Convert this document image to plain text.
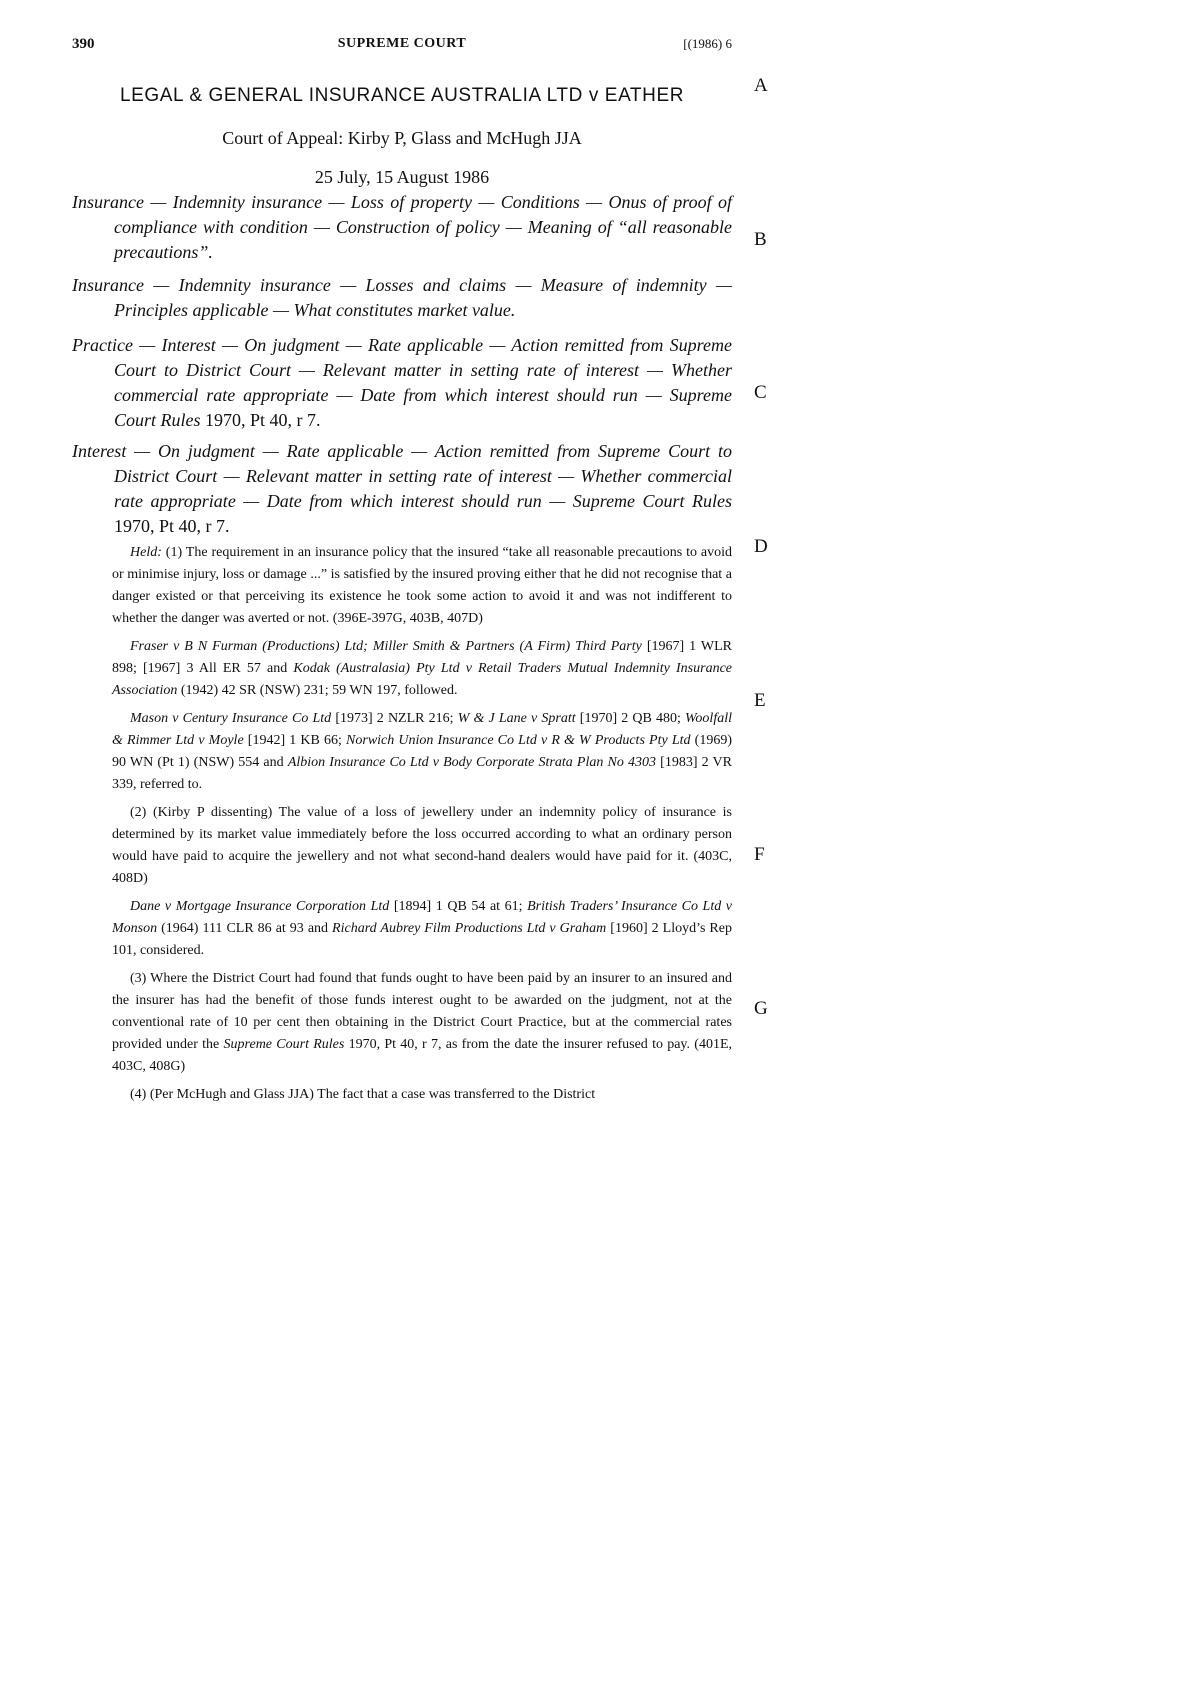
390	SUPREME COURT	[(1986) 6
A
B
C
D
E
F
G
LEGAL & GENERAL INSURANCE AUSTRALIA LTD v EATHER
Court of Appeal: Kirby P, Glass and McHugh JJA
25 July, 15 August 1986
Insurance — Indemnity insurance — Loss of property — Conditions — Onus of proof of compliance with condition — Construction of policy — Meaning of “all reasonable precautions”.
Insurance — Indemnity insurance — Losses and claims — Measure of indemnity — Principles applicable — What constitutes market value.
Practice — Interest — On judgment — Rate applicable — Action remitted from Supreme Court to District Court — Relevant matter in setting rate of interest — Whether commercial rate appropriate — Date from which interest should run — Supreme Court Rules 1970, Pt 40, r 7.
Interest — On judgment — Rate applicable — Action remitted from Supreme Court to District Court — Relevant matter in setting rate of interest — Whether commercial rate appropriate — Date from which interest should run — Supreme Court Rules 1970, Pt 40, r 7.

Held: (1) The requirement in an insurance policy that the insured “take all reasonable precautions to avoid or minimise injury, loss or damage ...” is satisfied by the insured proving either that he did not recognise that a danger existed or that perceiving its existence he took some action to avoid it and was not indifferent to whether the danger was averted or not. (396E-397G, 403B, 407D)

Fraser v B N Furman (Productions) Ltd; Miller Smith & Partners (A Firm) Third Party [1967] 1 WLR 898; [1967] 3 All ER 57 and Kodak (Australasia) Pty Ltd v Retail Traders Mutual Indemnity Insurance Association (1942) 42 SR (NSW) 231; 59 WN 197, followed.

Mason v Century Insurance Co Ltd [1973] 2 NZLR 216; W & J Lane v Spratt [1970] 2 QB 480; Woolfall & Rimmer Ltd v Moyle [1942] 1 KB 66; Norwich Union Insurance Co Ltd v R & W Products Pty Ltd (1969) 90 WN (Pt 1) (NSW) 554 and Albion Insurance Co Ltd v Body Corporate Strata Plan No 4303 [1983] 2 VR 339, referred to.

(2) (Kirby P dissenting) The value of a loss of jewellery under an indemnity policy of insurance is determined by its market value immediately before the loss occurred according to what an ordinary person would have paid to acquire the jewellery and not what second-hand dealers would have paid for it. (403C, 408D)

Dane v Mortgage Insurance Corporation Ltd [1894] 1 QB 54 at 61; British Traders’ Insurance Co Ltd v Monson (1964) 111 CLR 86 at 93 and Richard Aubrey Film Productions Ltd v Graham [1960] 2 Lloyd’s Rep 101, considered.

(3) Where the District Court had found that funds ought to have been paid by an insurer to an insured and the insurer has had the benefit of those funds interest ought to be awarded on the judgment, not at the conventional rate of 10 per cent then obtaining in the District Court Practice, but at the commercial rates provided under the Supreme Court Rules 1970, Pt 40, r 7, as from the date the insurer refused to pay. (401E, 403C, 408G)

(4) (Per McHugh and Glass JJA) The fact that a case was transferred to the District
